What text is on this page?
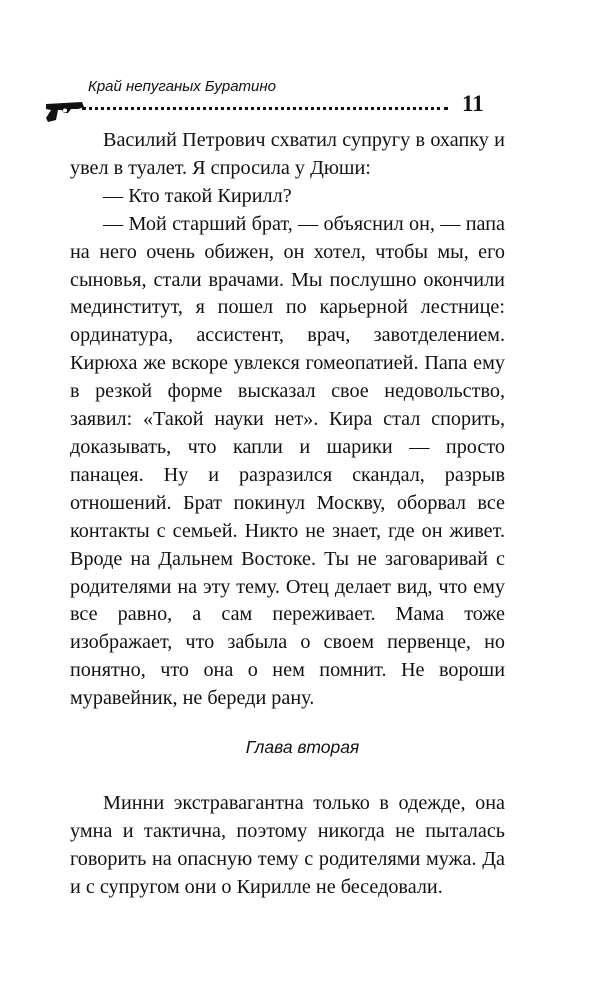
Край непуганых Буратино
11

Василий Петрович схватил супругу в охапку и увел в туалет. Я спросила у Дюши:

— Кто такой Кирилл?

— Мой старший брат, — объяснил он, — папа на него очень обижен, он хотел, чтобы мы, его сыновья, стали врачами. Мы послушно окончили мединститут, я пошел по карьерной лестнице: ординатура, ассистент, врач, завотделением. Кирюха же вскоре увлекся гомеопатией. Папа ему в резкой форме высказал свое недовольство, заявил: «Такой науки нет». Кира стал спорить, доказывать, что капли и шарики — просто панацея. Ну и разразился скандал, разрыв отношений. Брат покинул Москву, оборвал все контакты с семьей. Никто не знает, где он живет. Вроде на Дальнем Востоке. Ты не заговаривай с родителями на эту тему. Отец делает вид, что ему все равно, а сам переживает. Мама тоже изображает, что забыла о своем первенце, но понятно, что она о нем помнит. Не вороши муравейник, не береди рану.

Глава вторая

Минни экстравагантна только в одежде, она умна и тактична, поэтому никогда не пыталась говорить на опасную тему с родителями мужа. Да и с супругом они о Кирилле не беседовали.
